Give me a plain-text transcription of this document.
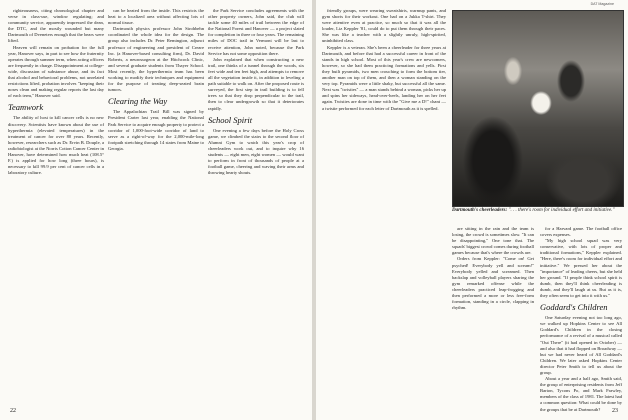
righteousness, citing chronological chapter and verse in class-use, window regulating; and community service, apparently impressed the dean, the DTC, and the mostly wounded but many Dartmouth of Dveneters enough that the bears were lifted.

Heaven will remain on probation for the full year, Hanover says, in part to see how the fraternity operates through summer term, when acting officers are frequently in charge. Disappointment at college-wide, discussion of substance abuse, and its fact that alcohol and behavioral problems, not unrelated restrictions lifted, probation involves "keeping their noses clean and making regular reports the last day of each term," Hanover said.

Teamwork

The ability of host to kill cancer cells is no new discovery. Scientists have known about the use of hyperthermia (elevated temperatures) in the treatment of cancer for over 80 years. Recently, however, researchers such as Dr. Ervin B. Douple, a radiobiologist at the Norris Cotton Cancer Center in Hanover, have determined how much heat (108.5° F.) is applied for how long (three hours), is necessary to kill 99.9 per cent of cancer cells in a laboratory culture.

can be heated from the inside. This restricts the heat to a localized area without affecting lots of normal tissue.

Dartmouth physics professor John Strohbehn coordinated the whole idea for the design. The group also includes Dr. Peter Remington, adjunct professor of engineering and president of Creare Inc. (a Hanover-based consulting firm), Dr. David Roberts, a neurosurgeon at the Hitchcock Clinic, and several graduate students from Thayer School. Most recently, the hyperthermia team has been working to modify their techniques and equipment for the purpose of treating deep-seated brain tumors.

Clearing the Way

The Appalachian Trail Bill was signed by President Carter last year, enabling the National Park Service to acquire enough property to protect a corridor of 1,000-foot-wide corridor of land to serve as a right-of-way for the 2,000-mile-long footpath stretching through 14 states from Maine to Georgia.

the Park Service concludes agreements with the other property owners, John said, the club will tackle some 40 miles of trail between the edge of the National Forest and Hanover — a project slated for completion in three or four years. The remaining miles of DOC trail in Vermont will be last to receive attention, John noted, because the Park Service has not some opposition there.

John explained that when constructing a new trail, one thinks of a tunnel through the woods, six feet wide and ten feet high, and attempts to remove all the vegetation inside it, in addition to leveling a path suitable to walk on. After the proposed route is surveyed, the first step in trail building is to fell trees so that they drop perpendicular to the trail, then to clear undergrowth so that it deteriorates rapidly.

School Spirit

One evening a few days before the Holy Cross game, we climbed the stairs to the second floor of Alumni Gym to watch this year's crop of cheerleaders work out, and to inquire why 16 students — eight men, eight women — would want to perform in front of thousands of people at a football game, cheering and waving their arms and throwing hearty shouts.

22
DAT Magazine

friendly groups, were wearing sweatshirts, warmup pants, and gym shorts for their workout. One had on a Jukka T-shirt. They were attentive even at practice, so much so that it was all the louder, Liz Keppler '81, could do to put them through their paces. She was like a teacher with a slightly unruly, high-spirited, uninhibited class.

Keppler is a veteran. She's been a cheerleader for three years at Dartmouth, and before that had a successful career in front of the stands in high school. Most of this year's crew are newcomers, however, so she had them practicing formations and yells. First they built pyramids, two men crouching to form the bottom tier, another man on top of them, and then a woman standing on the very top. Pyramids were a little shaky, but successful all the same. Next was "twisties" — a man stands behind a woman, picks her up and spins her sideways, head-over-heels, landing her on her feet again. Twisties are done in time with the "Give me a D!" chant — a twistie performed for each letter of Dartmouth as it is spelled.

Dartmouth's cheerleaders: ". . . there's room for individual effort and initiative."

are sitting in the rain and the team is losing, the crowd is sometimes slow. "It can be disappointing," One tone that. The squads' biggest crowd comes during football games because that's where the crowds are.

Orders from Keppler: "Come on! Get psyched! Everybody yell and scream!" Everybody yelled and screamed. Then backslap and volleyball players sharing the gym remarked offense while the cheerleaders practiced leap-frogging and then performed a more or less free-form formation, standing in a circle, clapping in rhythm.

for a Harvard game. The football office covers expenses.

"My high school squad was very conservative, with lots of proper and traditional formations," Keppler explained. "Here, there's room for individual effort and initiative." We pressed her about the "importance" of leading cheers, but she held her ground. "If people think school spirit is dumb, then they'll think cheerleading is dumb, and they'll laugh at us. But as it is, they often seem to get into it with us."

Goddard's Children

One Saturday evening not too long ago, we walked up Hopkins Center to see All Goddard's Children in the closing performance of a revival of a musical called "Out There" (it had opened in October) — and also that it had flopped on Broadway — but we had never heard of All Goddard's Children. We later asked Hopkins Center director Peter Smith to tell us about the group.

About a year and a half ago, Smith said, the group of enterprising residents from Jeff Barton, Tycons Po, and Mark Frawley, members of the class of 1981. The latest had a common question: What could be done by the groups that be at Dartmouth?	23
